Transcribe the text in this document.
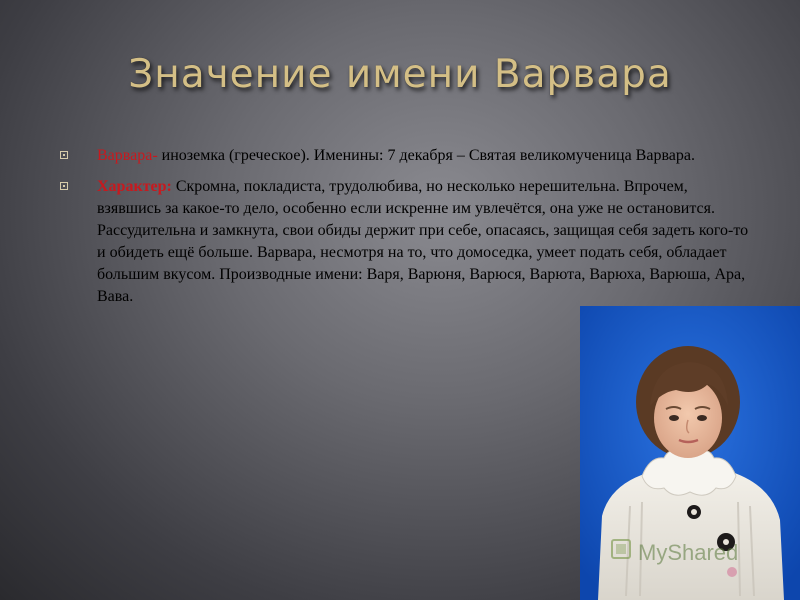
Значение имени Варвара
Варвара- иноземка (греческое). Именины: 7 декабря – Святая великомученица Варвара.
Характер: Скромна, покладиста, трудолюбива, но несколько нерешительна. Впрочем, взявшись за какое-то дело, особенно если искренне им увлечётся, она уже не остановится. Рассудительна и замкнута, свои обиды держит при себе, опасаясь, защищая себя задеть кого-то и обидеть ещё больше. Варвара, несмотря на то, что домоседка, умеет подать себя, обладает большим вкусом. Производные имени: Варя, Варюня, Варюся, Варюта, Варюха, Варюша, Ара, Вава.
MyShared
